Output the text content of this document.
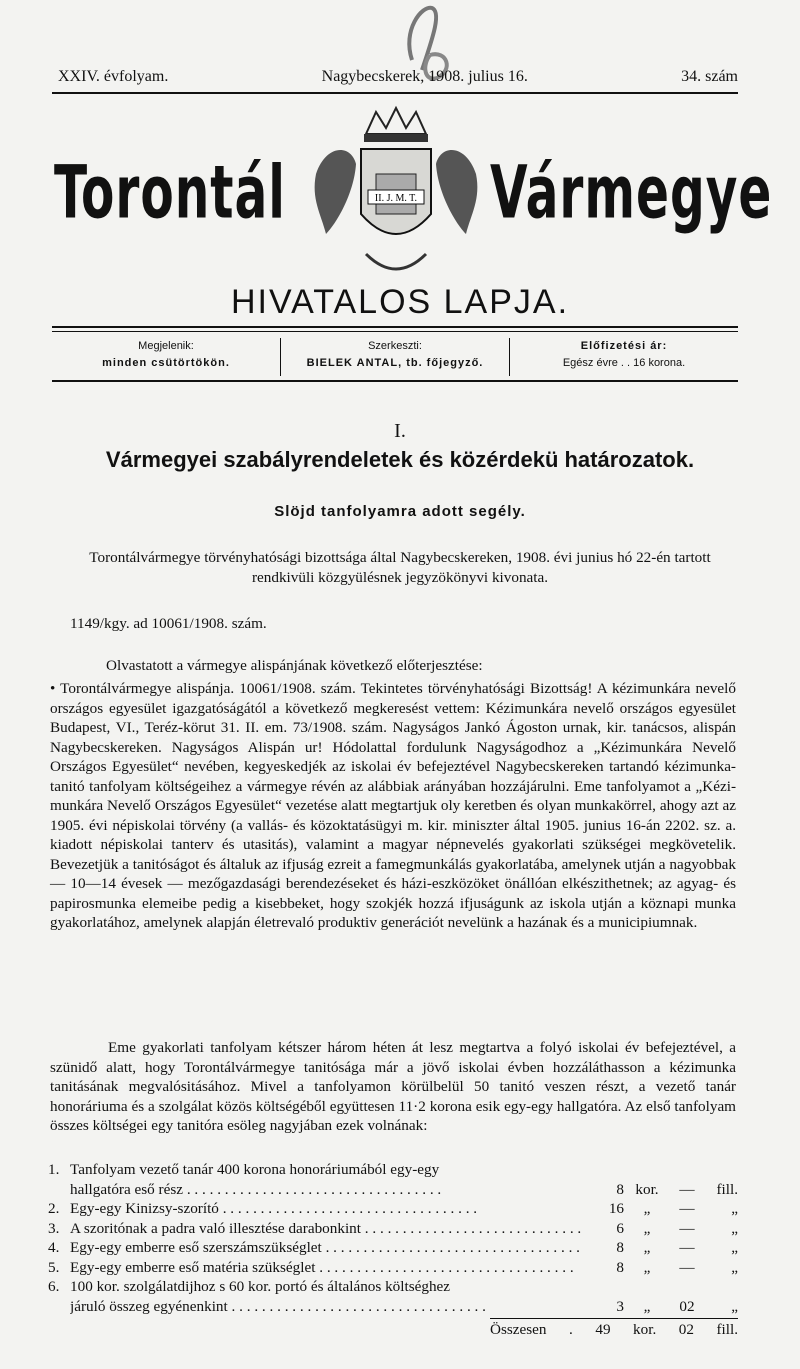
XXIV. évfolyam.	Nagybecskerek, 1908. julius 16.	34. szám
Torontál	Vármegye
II. J. M. T.
HIVATALOS LAPJA.
Megjelenik:
minden csütörtökön.
Szerkeszti:
BIELEK ANTAL, tb. főjegyző.
Előfizetési ár:
Egész évre . . 16 korona.
I.
Vármegyei szabályrendeletek és közérdekü határozatok.
Slöjd tanfolyamra adott segély.
Torontálvármegye törvényhatósági bizottsága által Nagybecskereken, 1908. évi junius hó 22-én tartott rendkivüli közgyülésnek jegyzökönyvi kivonata.
1149/kgy. ad 10061/1908. szám.
Olvastatott a vármegye alispánjának következő előterjesztése:
• Torontálvármegye alispánja. 10061/1908. szám. Tekintetes törvényhatósági Bizottság! A kézimunkára nevelő országos egyesület igazgatóságától a következő megkeresést vettem: Kézimunkára nevelő országos egyesület Budapest, VI., Teréz-körut 31. II. em. 73/1908. szám. Nagyságos Jankó Ágoston urnak, kir. tanácsos, alispán Nagybecskereken. Nagyságos Alispán ur! Hódolattal fordulunk Nagyságodhoz a „Kézimunkára Nevelő Országos Egyesület“ nevében, kegyeskedjék az iskolai év befejeztével Nagybecskereken tartandó kézimunka-tanitó tanfolyam költségeihez a vármegye révén az alábbiak arányában hozzájárulni. Eme tanfolyamot a „Kézi-munkára Nevelő Országos Egyesület“ vezetése alatt megtartjuk oly keretben és olyan munkakörrel, ahogy azt az 1905. évi népiskolai törvény (a vallás- és közoktatásügyi m. kir. miniszter által 1905. junius 16-án 2202. sz. a. kiadott népiskolai tanterv és utasitás), valamint a magyar népnevelés gyakorlati szükségei megkövetelik. Bevezetjük a tanitóságot és általuk az ifjuság ezreit a famegmunkálás gyakorlatába, amelynek utján a nagyobbak — 10—14 évesek — mezőgazdasági berendezéseket és házi-eszközöket önállóan elkészithetnek; az agyag- és papirosmunka elemeibe pedig a kisebbeket, hogy szokjék hozzá ifjuságunk az iskola utján a köznapi munka gyakorlatához, amelynek alapján életrevaló produktiv generációt nevelünk a hazának és a municipiumnak.
Eme gyakorlati tanfolyam kétszer három héten át lesz megtartva a folyó iskolai év befejeztével, a szünidő alatt, hogy Torontálvármegye tanitósága már a jövő iskolai évben hozzáláthasson a kézimunka tanitásának megvalósitásához. Mivel a tanfolyamon körülbelül 50 tanitó veszen részt, a vezető tanár honoráriuma és a szolgálat közös költségéből együttesen 11·2 korona esik egy-egy hallgatóra. Az első tanfolyam összes költségei egy tanitóra esöleg nagyjában ezek volnának:
1. Tanfolyam vezető tanár 400 korona honoráriumából egy-egy
hallgatóra eső rész . . .	8 kor.	—	fill.
2. Egy-egy Kinizsy-szorító . . .	16	„	—	„
3. A szoritónak a padra való illesztése darabonkint . . .	6	„	—	„
4. Egy-egy emberre eső szerszámszükséglet . . .	8	„	—	„
5. Egy-egy emberre eső matéria szükséglet . . .	8	„	—	„
6. 100 kor. szolgálatdijhoz s 60 kor. portó és általános költséghez
járuló összeg egyénenkint . . .	3	„	02	„
Összesen . 49 kor. 02 fill.
